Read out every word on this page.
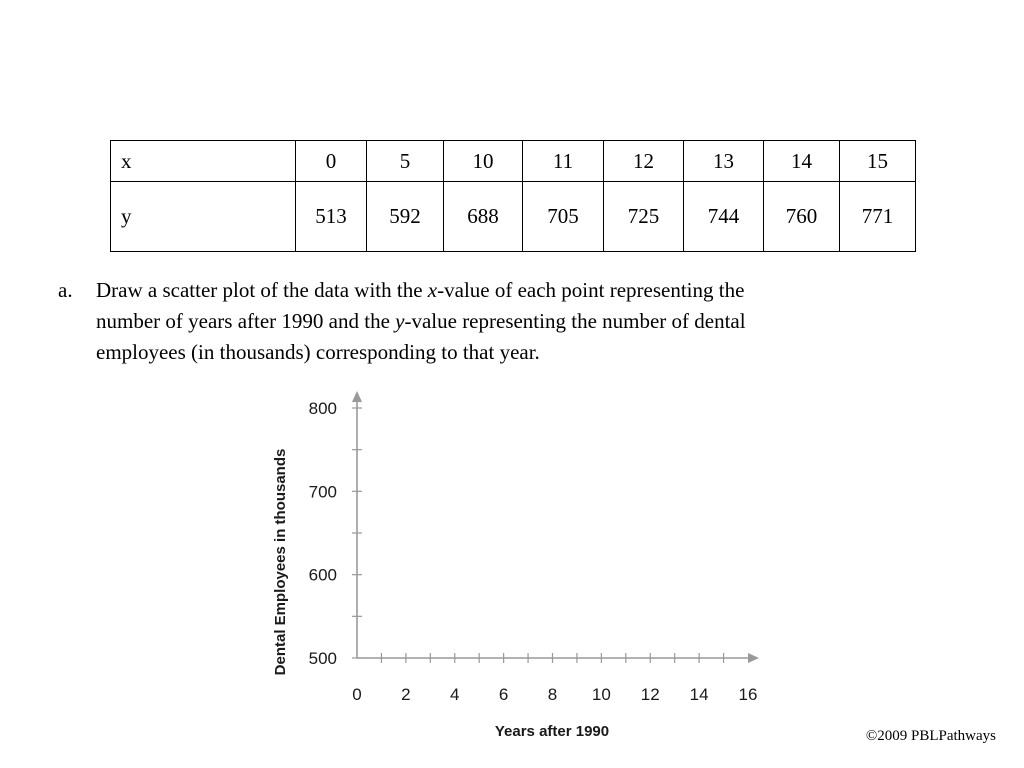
x	0	5	10	11	12	13	14	15
y	513	592	688	705	725	744	760	771
a. Draw a scatter plot of the data with the x-value of each point representing the
number of years after 1990 and the y-value representing the number of dental
employees (in thousands) corresponding to that year.
500
600
700
800
0 2 4 6 8 10 12 14 16
Dental Employees in thousands
Years after 1990	©2009 PBLPathways
